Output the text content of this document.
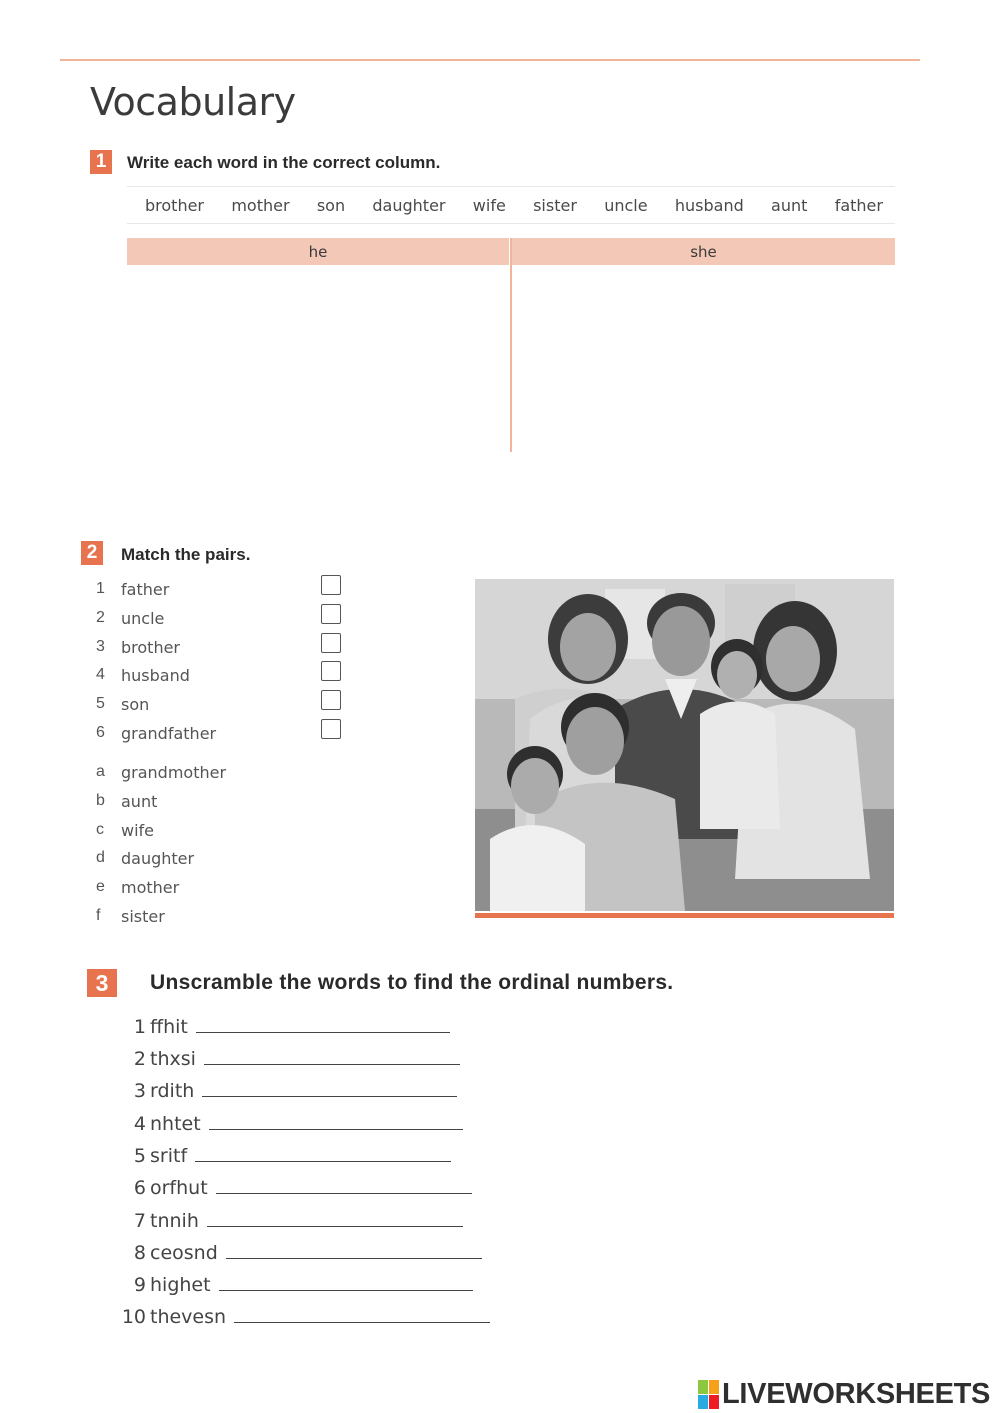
Vocabulary
1	Write each word in the correct column.
brother mother son daughter wife sister uncle husband aunt father
he	she
2	Match the pairs.
1	father
2	uncle
3	brother
4	husband
5	son
6	grandfather
a	grandmother
b	aunt
c	wife
d	daughter
e	mother
f	sister
3	Unscramble the words to find the ordinal numbers.
1 ffhit
2 thxsi
3 rdith
4 nhtet
5 sritf
6 orfhut
7 tnnih
8 ceosnd
9 highet
10 thevesn
LIVEWORKSHEETS
